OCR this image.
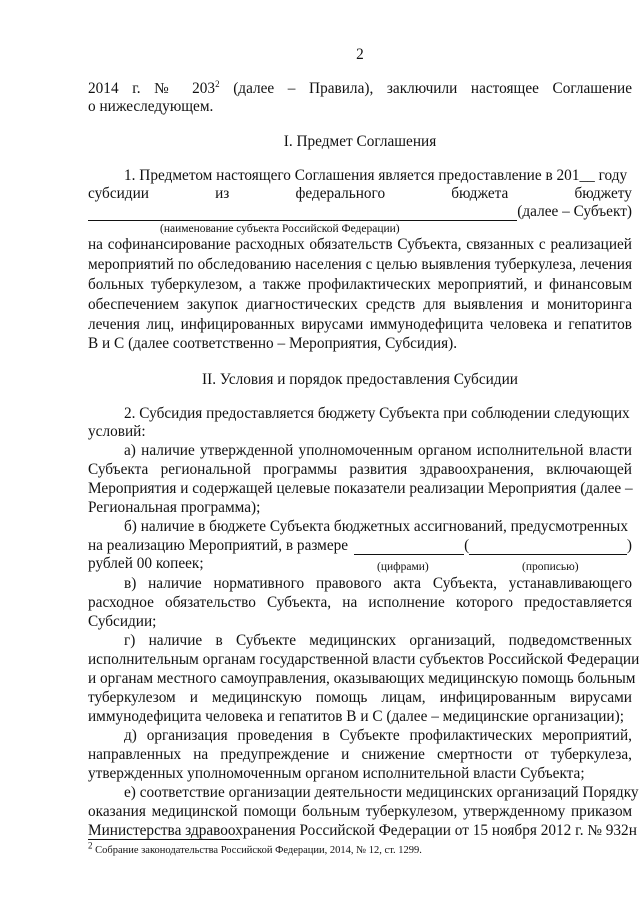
2
2014 г. № $203^2$ (далее – Правила), заключили настоящее Соглашение
о нижеследующем.
I. Предмет Соглашения
1. Предметом настоящего Соглашения является предоставление в 201__ году
субсидии	из	федерального	бюджета	бюджету
(далее – Субъект)
(наименование субъекта Российской Федерации)
на софинансирование расходных обязательств Субъекта, связанных с реализацией
мероприятий по обследованию населения с целью выявления туберкулеза, лечения
больных туберкулезом, а также профилактических мероприятий, и финансовым
обеспечением закупок диагностических средств для выявления и мониторинга
лечения лиц, инфицированных вирусами иммунодефицита человека и гепатитов
В и С (далее соответственно – Мероприятия, Субсидия).
II. Условия и порядок предоставления Субсидии
2. Субсидия предоставляется бюджету Субъекта при соблюдении следующих
условий:
а) наличие утвержденной уполномоченным органом исполнительной власти
Субъекта региональной программы развития здравоохранения, включающей
Мероприятия и содержащей целевые показатели реализации Мероприятия (далее –
Региональная программа);
б) наличие в бюджете Субъекта бюджетных ассигнований, предусмотренных
на реализацию Мероприятий, в размере	(	)
рублей 00 копеек;	(цифрами)	(прописью)
в) наличие нормативного правового акта Субъекта, устанавливающего
расходное обязательство Субъекта, на исполнение которого предоставляется
Субсидии;
г) наличие в Субъекте медицинских организаций, подведомственных
исполнительным органам государственной власти субъектов Российской Федерации
и органам местного самоуправления, оказывающих медицинскую помощь больным
туберкулезом и медицинскую помощь лицам, инфицированным вирусами
иммунодефицита человека и гепатитов В и С (далее – медицинские организации);
д) организация проведения в Субъекте профилактических мероприятий,
направленных на предупреждение и снижение смертности от туберкулеза,
утвержденных уполномоченным органом исполнительной власти Субъекта;
е) соответствие организации деятельности медицинских организаций Порядку
оказания медицинской помощи больным туберкулезом, утвержденному приказом
Министерства здравоохранения Российской Федерации от 15 ноября 2012 г. № 932н
$^2$ Собрание законодательства Российской Федерации, 2014, № 12, ст. 1299.
